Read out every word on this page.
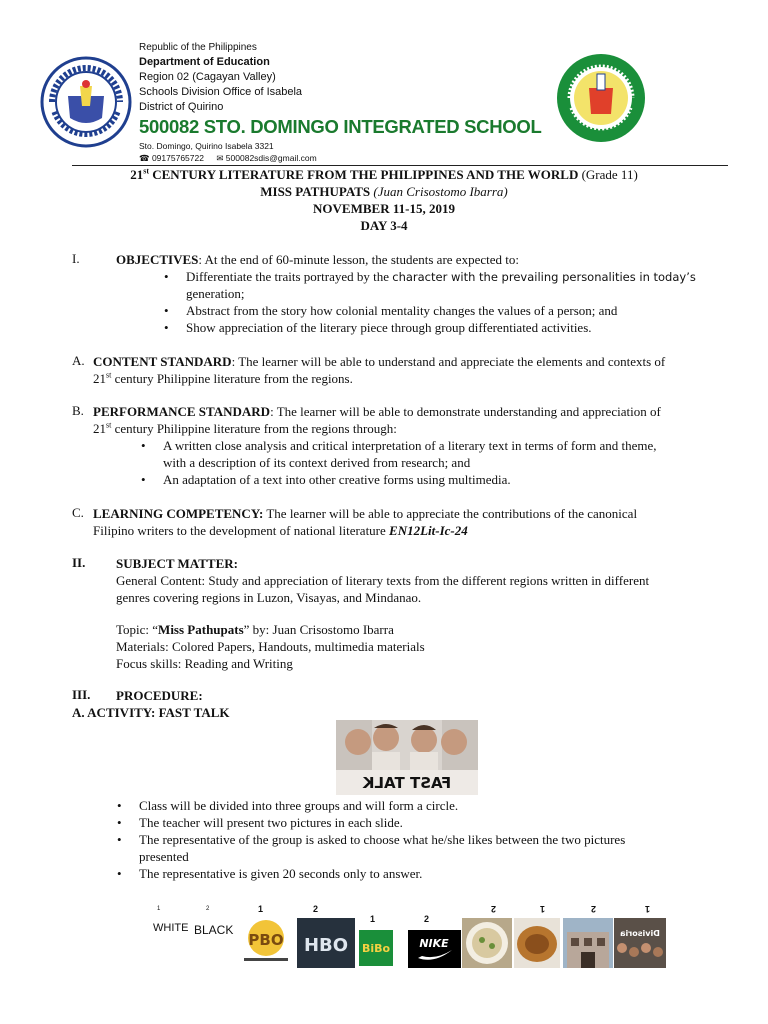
Republic of the Philippines
Department of Education
Region 02 (Cagayan Valley)
Schools Division Office of Isabela
District of Quirino
500082 STO. DOMINGO INTEGRATED SCHOOL
Sto. Domingo, Quirino Isabela 3321
☎ 09175765722 ✉ 500082sdis@gmail.com
21st CENTURY LITERATURE FROM THE PHILIPPINES AND THE WORLD (Grade 11)
MISS PATHUPATS (Juan Crisostomo Ibarra)
NOVEMBER 11-15, 2019
DAY 3-4
I.	OBJECTIVES: At the end of 60-minute lesson, the students are expected to:
• Differentiate the traits portrayed by the character with the prevailing personalities in today’s
generation;
• Abstract from the story how colonial mentality changes the values of a person; and
• Show appreciation of the literary piece through group differentiated activities.
A. CONTENT STANDARD: The learner will be able to understand and appreciate the elements and contexts of
21st century Philippine literature from the regions.
B. PERFORMANCE STANDARD: The learner will be able to demonstrate understanding and appreciation of
21st century Philippine literature from the regions through:
• A written close analysis and critical interpretation of a literary text in terms of form and theme,
with a description of its context derived from research; and
• An adaptation of a text into other creative forms using multimedia.
C. LEARNING COMPETENCY: The learner will be able to appreciate the contributions of the canonical
Filipino writers to the development of national literature EN12Lit-Ic-24
II. SUBJECT MATTER:
General Content: Study and appreciation of literary texts from the different regions written in different
genres covering regions in Luzon, Visayas, and Mindanao.
Topic: “Miss Pathupats” by: Juan Crisostomo Ibarra
Materials: Colored Papers, Handouts, multimedia materials
Focus skills: Reading and Writing
III. PROCEDURE:
A. ACTIVITY: FAST TALK
FAST TALK
• Class will be divided into three groups and will form a circle.
• The teacher will present two pictures in each slide.
• The representative of the group is asked to choose what he/she likes between the two pictures
presented
• The representative is given 20 seconds only to answer.
1
WHITE
2
BLACK
1
PBO
2
HBO
1
BiBo
2
NIKE
2	1	2	1
Divisoria
